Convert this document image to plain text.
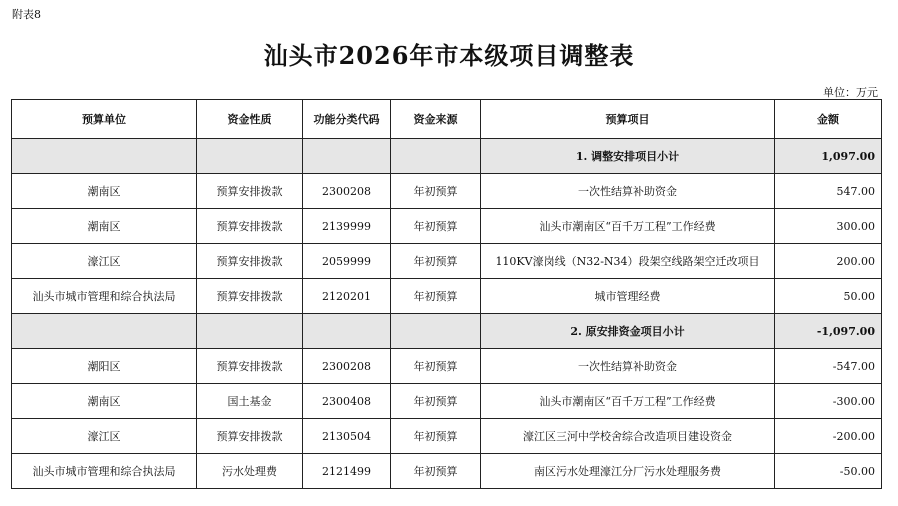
附表8
汕头市2026年市本级项目调整表
单位：万元
预算单位	资金性质	功能分类代码	资金来源	预算项目	金额
				1. 调整安排项目小计	1,097.00
潮南区	预算安排拨款	2300208	年初预算	一次性结算补助资金	547.00
潮南区	预算安排拨款	2139999	年初预算	汕头市潮南区“百千万工程”工作经费	300.00
濠江区	预算安排拨款	2059999	年初预算	110KV濠岗线（N32-N34）段架空线路架空迁改项目	200.00
汕头市城市管理和综合执法局	预算安排拨款	2120201	年初预算	城市管理经费	50.00
				2. 原安排资金项目小计	-1,097.00
潮阳区	预算安排拨款	2300208	年初预算	一次性结算补助资金	-547.00
潮南区	国土基金	2300408	年初预算	汕头市潮南区“百千万工程”工作经费	-300.00
濠江区	预算安排拨款	2130504	年初预算	濠江区三河中学校舍综合改造项目建设资金	-200.00
汕头市城市管理和综合执法局	污水处理费	2121499	年初预算	南区污水处理濠江分厂污水处理服务费	-50.00
